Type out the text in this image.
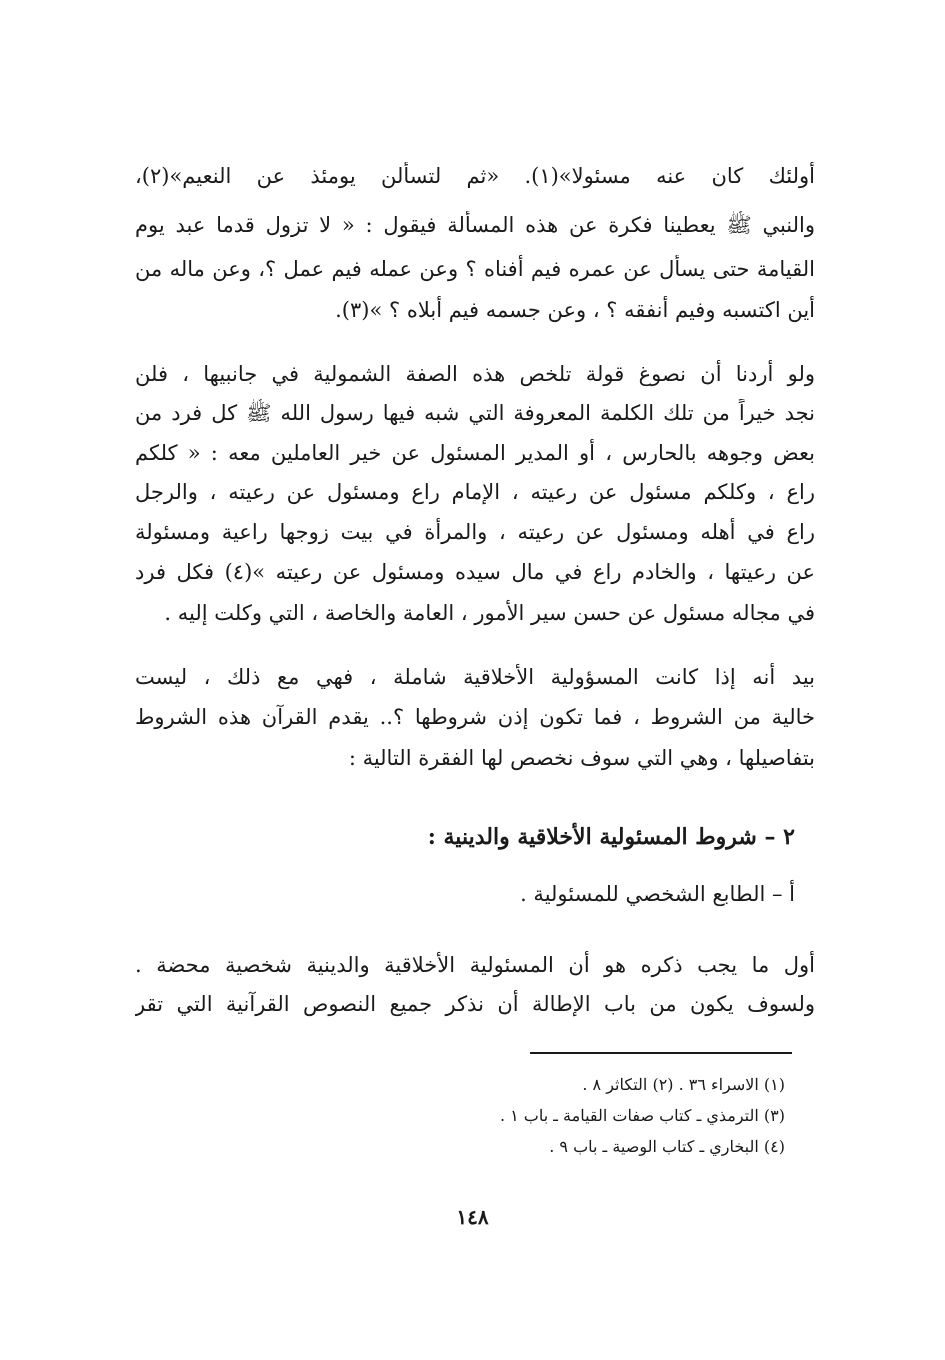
أولئك كان عنه مسئولا»(١). «ثم لتسألن يومئذ عن النعيم»(٢)،
والنبي ﷺ يعطينا فكرة عن هذه المسألة فيقول : « لا تزول قدما عبد يوم
القيامة حتى يسأل عن عمره فيم أفناه ؟ وعن عمله فيم عمل ؟، وعن ماله من
أين اكتسبه وفيم أنفقه ؟ ، وعن جسمه فيم أبلاه ؟ »(٣).
ولو أردنا أن نصوغ قولة تلخص هذه الصفة الشمولية في جانبيها ، فلن
نجد خيراً من تلك الكلمة المعروفة التي شبه فيها رسول الله ﷺ كل فرد من
بعض وجوهه بالحارس ، أو المدير المسئول عن خير العاملين معه : « كلكم
راع ، وكلكم مسئول عن رعيته ، الإمام راع ومسئول عن رعيته ، والرجل
راع في أهله ومسئول عن رعيته ، والمرأة في بيت زوجها راعية ومسئولة
عن رعيتها ، والخادم راع في مال سيده ومسئول عن رعيته »(٤) فكل فرد
في مجاله مسئول عن حسن سير الأمور ، العامة والخاصة ، التي وكلت إليه .
بيد أنه إذا كانت المسؤولية الأخلاقية شاملة ، فهي مع ذلك ، ليست
خالية من الشروط ، فما تكون إذن شروطها ؟.. يقدم القرآن هذه الشروط
بتفاصيلها ، وهي التي سوف نخصص لها الفقرة التالية :
٢ – شروط المسئولية الأخلاقية والدينية :
أ – الطابع الشخصي للمسئولية .
أول ما يجب ذكره هو أن المسئولية الأخلاقية والدينية شخصية محضة .
ولسوف يكون من باب الإطالة أن نذكر جميع النصوص القرآنية التي تقر
(١) الاسراء ٣٦ . (٢) التكاثر ٨ .
(٣) الترمذي ـ كتاب صفات القيامة ـ باب ١ .
(٤) البخاري ـ كتاب الوصية ـ باب ٩ .
١٤٨
